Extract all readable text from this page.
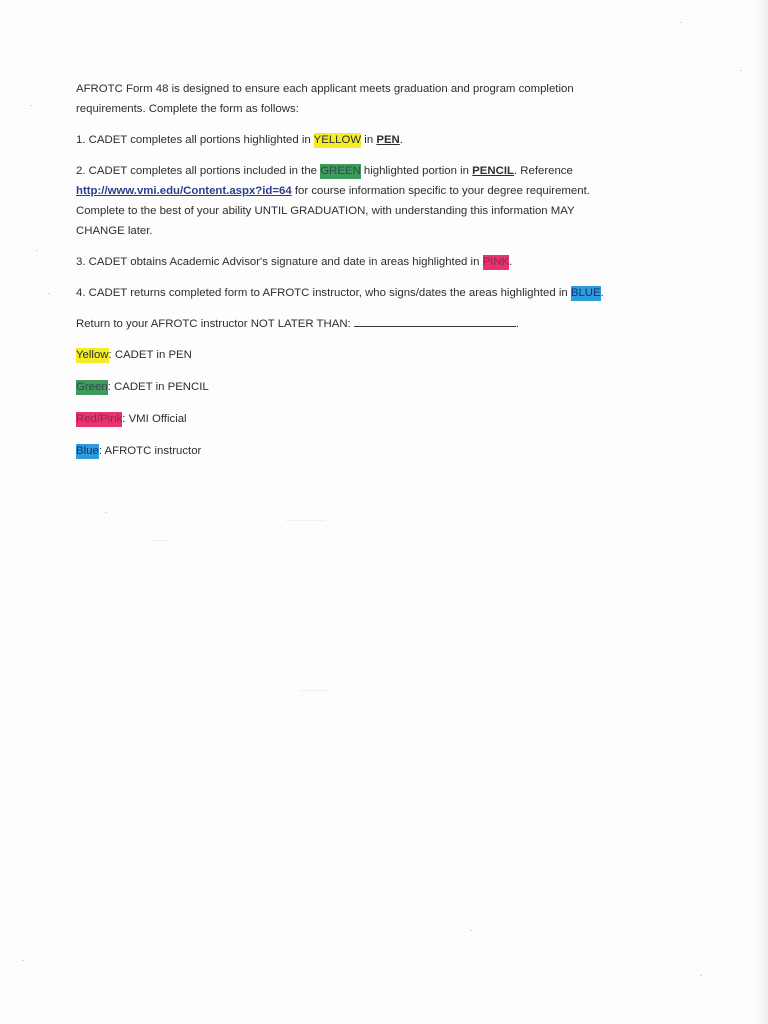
AFROTC Form 48 is designed to ensure each applicant meets graduation and program completion
requirements. Complete the form as follows:

1. CADET completes all portions highlighted in YELLOW in PEN.

2. CADET completes all portions included in the GREEN highlighted portion in PENCIL. Reference
http://www.vmi.edu/Content.aspx?id=64 for course information specific to your degree requirement.
Complete to the best of your ability UNTIL GRADUATION, with understanding this information MAY
CHANGE later.

3. CADET obtains Academic Advisor's signature and date in areas highlighted in PINK.

4. CADET returns completed form to AFROTC instructor, who signs/dates the areas highlighted in BLUE.

Return to your AFROTC instructor NOT LATER THAN:	.

Yellow: CADET in PEN

Green: CADET in PENCIL

Red/Pink: VMI Official

Blue: AFROTC instructor
